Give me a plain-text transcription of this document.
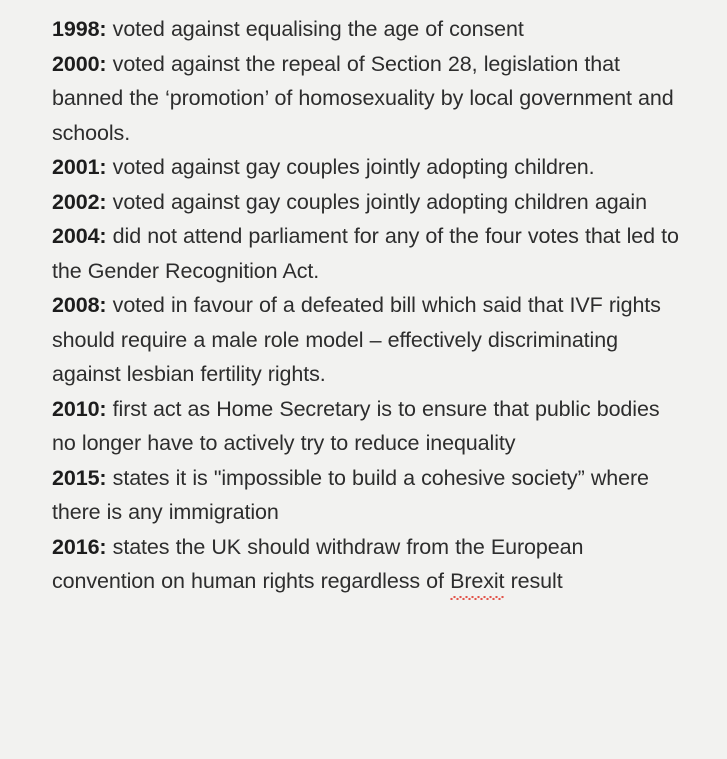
1998: voted against equalising the age of consent

2000: voted against the repeal of Section 28, legislation that banned the ‘promotion’ of homosexuality by local government and schools.

2001: voted against gay couples jointly adopting children.

2002: voted against gay couples jointly adopting children again

2004: did not attend parliament for any of the four votes that led to the Gender Recognition Act.

2008: voted in favour of a defeated bill which said that IVF rights should require a male role model – effectively discriminating against lesbian fertility rights.

2010: first act as Home Secretary is to ensure that public bodies no longer have to actively try to reduce inequality

2015: states it is "impossible to build a cohesive society” where there is any immigration

2016: states the UK should withdraw from the European convention on human rights regardless of Brexit result
